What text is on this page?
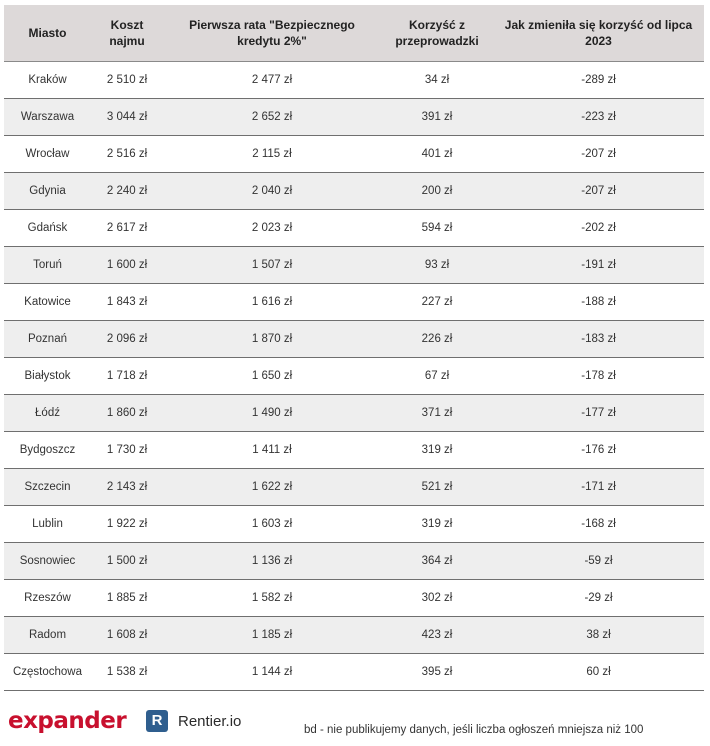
Miasto	Koszt najmu	Pierwsza rata "Bezpiecznego kredytu 2%"	Korzyść z przeprowadzki	Jak zmieniła się korzyść od lipca 2023
Kraków	2 510 zł	2 477 zł	34 zł	-289 zł
Warszawa	3 044 zł	2 652 zł	391 zł	-223 zł
Wrocław	2 516 zł	2 115 zł	401 zł	-207 zł
Gdynia	2 240 zł	2 040 zł	200 zł	-207 zł
Gdańsk	2 617 zł	2 023 zł	594 zł	-202 zł
Toruń	1 600 zł	1 507 zł	93 zł	-191 zł
Katowice	1 843 zł	1 616 zł	227 zł	-188 zł
Poznań	2 096 zł	1 870 zł	226 zł	-183 zł
Białystok	1 718 zł	1 650 zł	67 zł	-178 zł
Łódź	1 860 zł	1 490 zł	371 zł	-177 zł
Bydgoszcz	1 730 zł	1 411 zł	319 zł	-176 zł
Szczecin	2 143 zł	1 622 zł	521 zł	-171 zł
Lublin	1 922 zł	1 603 zł	319 zł	-168 zł
Sosnowiec	1 500 zł	1 136 zł	364 zł	-59 zł
Rzeszów	1 885 zł	1 582 zł	302 zł	-29 zł
Radom	1 608 zł	1 185 zł	423 zł	38 zł
Częstochowa	1 538 zł	1 144 zł	395 zł	60 zł
expander	R	Rentier.io
bd - nie publikujemy danych, jeśli liczba ogłoszeń mniejsza niż 100
